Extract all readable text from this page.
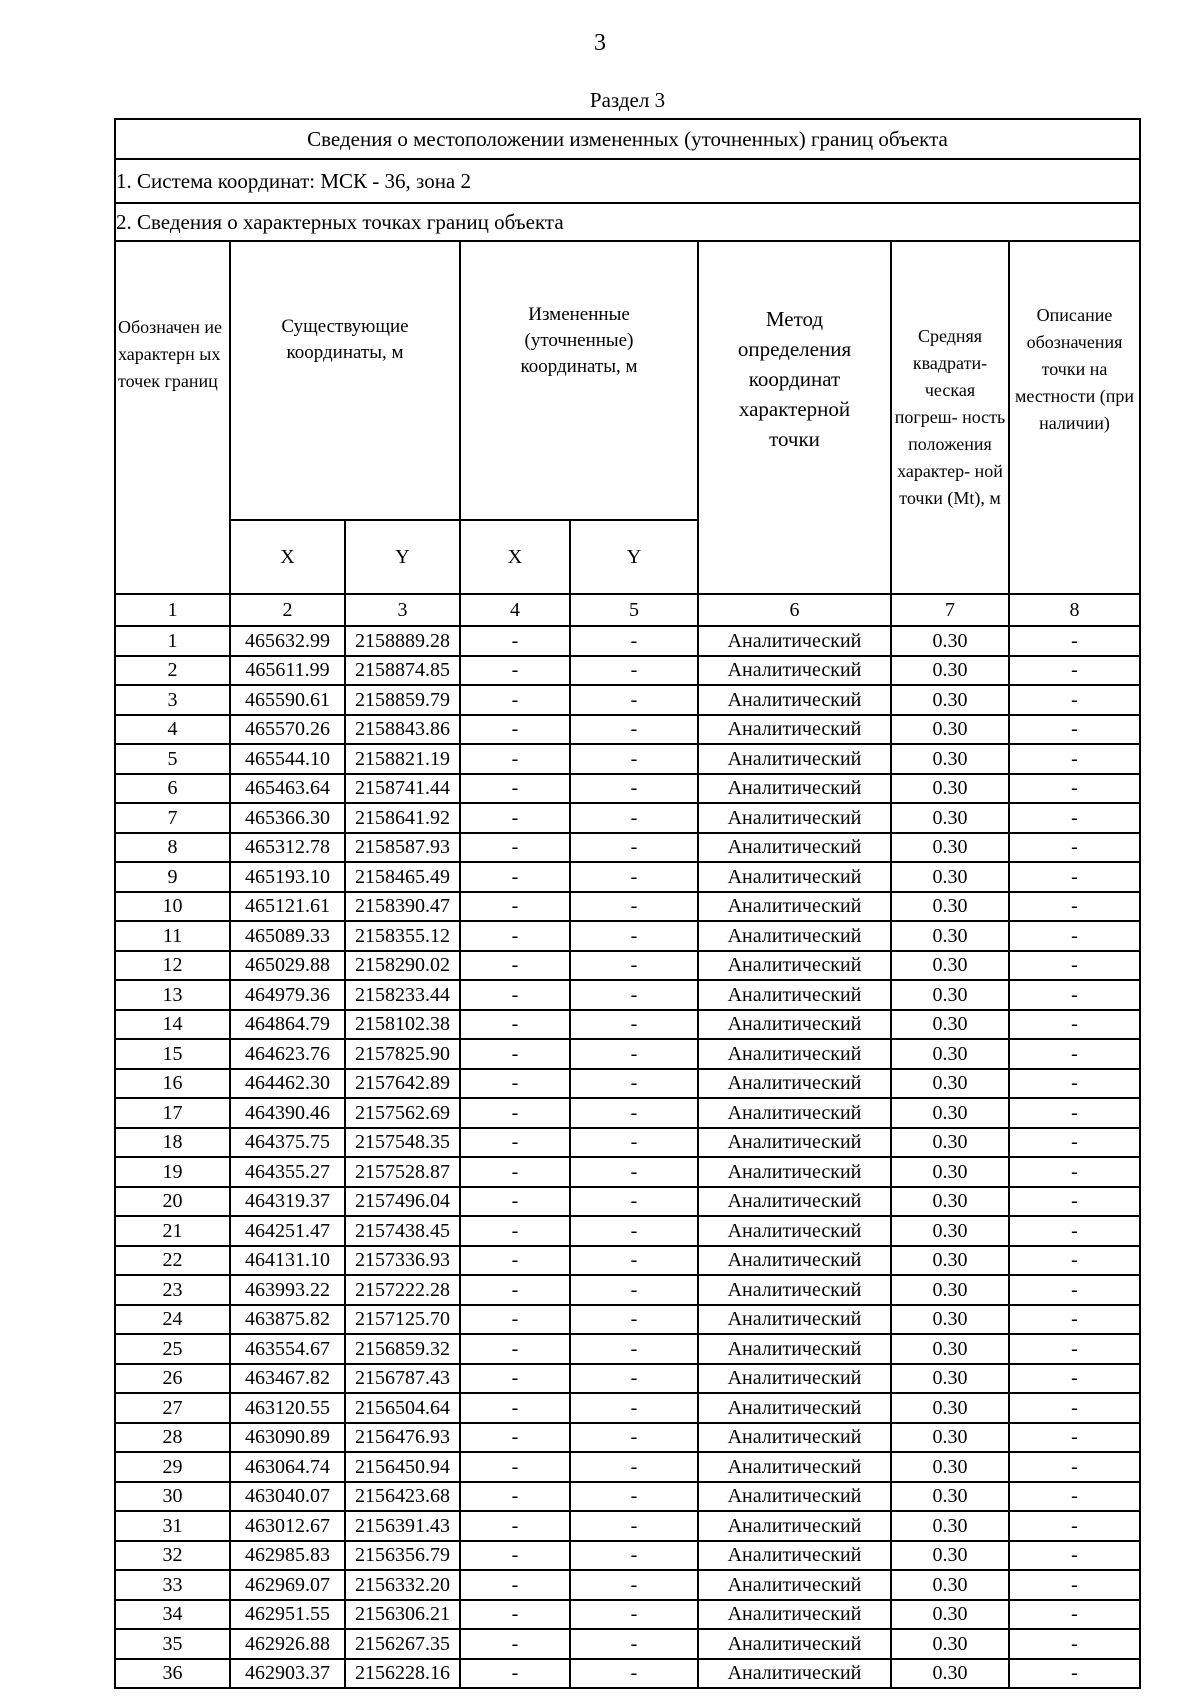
3
Раздел 3
Сведения о местоположении измененных (уточненных) границ объекта							
1. Система координат: МСК - 36, зона 2							
2. Сведения о характерных точках границ объекта							
Обозначен ие характерн ых точек границ	Существующие координаты, м		Измененные (уточненные) координаты, м		Метод определения координат характерной точки	Средняя квадрати- ческая погреш- ность положения характер- ной точки (Mt), м	Описание обозначения точки на местности (при наличии)
	X	Y	X	Y			
1	2	3	4	5	6	7	8
1	465632.99	2158889.28	-	-	Аналитический	0.30	-
2	465611.99	2158874.85	-	-	Аналитический	0.30	-
3	465590.61	2158859.79	-	-	Аналитический	0.30	-
4	465570.26	2158843.86	-	-	Аналитический	0.30	-
5	465544.10	2158821.19	-	-	Аналитический	0.30	-
6	465463.64	2158741.44	-	-	Аналитический	0.30	-
7	465366.30	2158641.92	-	-	Аналитический	0.30	-
8	465312.78	2158587.93	-	-	Аналитический	0.30	-
9	465193.10	2158465.49	-	-	Аналитический	0.30	-
10	465121.61	2158390.47	-	-	Аналитический	0.30	-
11	465089.33	2158355.12	-	-	Аналитический	0.30	-
12	465029.88	2158290.02	-	-	Аналитический	0.30	-
13	464979.36	2158233.44	-	-	Аналитический	0.30	-
14	464864.79	2158102.38	-	-	Аналитический	0.30	-
15	464623.76	2157825.90	-	-	Аналитический	0.30	-
16	464462.30	2157642.89	-	-	Аналитический	0.30	-
17	464390.46	2157562.69	-	-	Аналитический	0.30	-
18	464375.75	2157548.35	-	-	Аналитический	0.30	-
19	464355.27	2157528.87	-	-	Аналитический	0.30	-
20	464319.37	2157496.04	-	-	Аналитический	0.30	-
21	464251.47	2157438.45	-	-	Аналитический	0.30	-
22	464131.10	2157336.93	-	-	Аналитический	0.30	-
23	463993.22	2157222.28	-	-	Аналитический	0.30	-
24	463875.82	2157125.70	-	-	Аналитический	0.30	-
25	463554.67	2156859.32	-	-	Аналитический	0.30	-
26	463467.82	2156787.43	-	-	Аналитический	0.30	-
27	463120.55	2156504.64	-	-	Аналитический	0.30	-
28	463090.89	2156476.93	-	-	Аналитический	0.30	-
29	463064.74	2156450.94	-	-	Аналитический	0.30	-
30	463040.07	2156423.68	-	-	Аналитический	0.30	-
31	463012.67	2156391.43	-	-	Аналитический	0.30	-
32	462985.83	2156356.79	-	-	Аналитический	0.30	-
33	462969.07	2156332.20	-	-	Аналитический	0.30	-
34	462951.55	2156306.21	-	-	Аналитический	0.30	-
35	462926.88	2156267.35	-	-	Аналитический	0.30	-
36	462903.37	2156228.16	-	-	Аналитический	0.30	-
